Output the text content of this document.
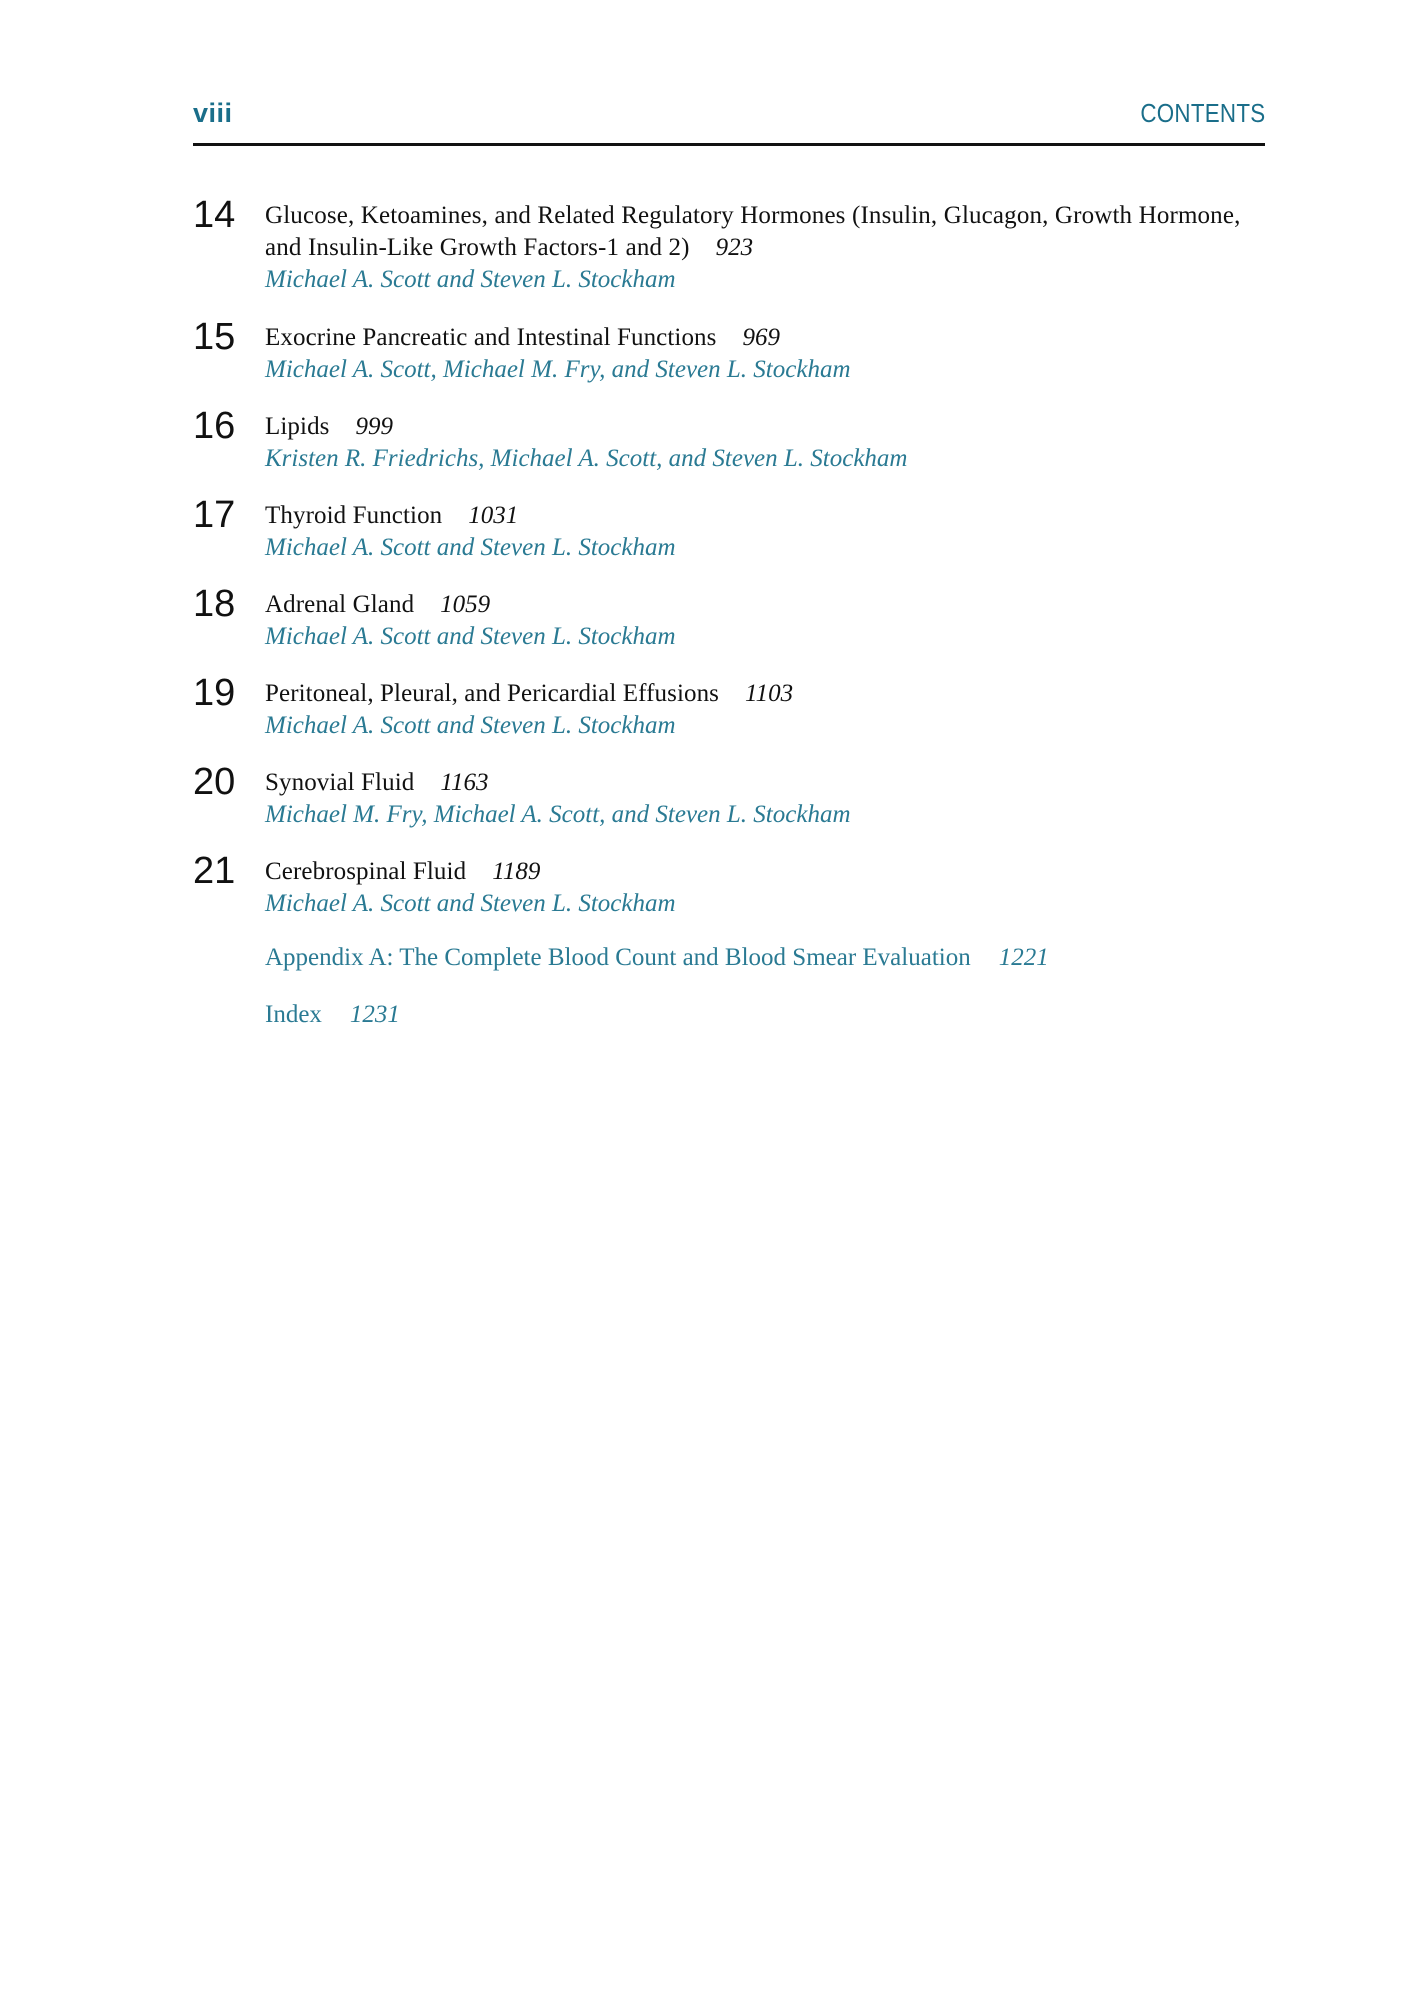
viii	CONTENTS
14 Glucose, Ketoamines, and Related Regulatory Hormones (Insulin, Glucagon, Growth Hormone, and Insulin-Like Growth Factors-1 and 2) 923
Michael A. Scott and Steven L. Stockham
15 Exocrine Pancreatic and Intestinal Functions 969
Michael A. Scott, Michael M. Fry, and Steven L. Stockham
16 Lipids 999
Kristen R. Friedrichs, Michael A. Scott, and Steven L. Stockham
17 Thyroid Function 1031
Michael A. Scott and Steven L. Stockham
18 Adrenal Gland 1059
Michael A. Scott and Steven L. Stockham
19 Peritoneal, Pleural, and Pericardial Effusions 1103
Michael A. Scott and Steven L. Stockham
20 Synovial Fluid 1163
Michael M. Fry, Michael A. Scott, and Steven L. Stockham
21 Cerebrospinal Fluid 1189
Michael A. Scott and Steven L. Stockham
Appendix A: The Complete Blood Count and Blood Smear Evaluation 1221
Index 1231
